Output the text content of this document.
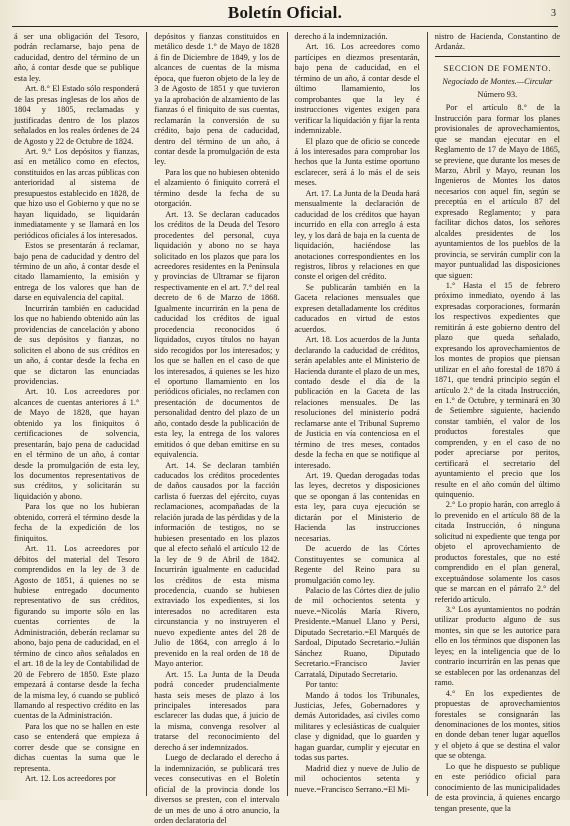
Boletín Oficial.	3

á ser una obligación del Tesoro, podrán reclamarse, bajo pena de caducidad, dentro del término de un año, á contar desde que se publique esta ley.

Art. 8.° El Estado sólo responderá de las presas inglesas de los años de 1804 y 1805, reclamadas y justificadas dentro de los plazos señalados en los reales órdenes de 24 de Agosto y 22 de Octubre de 1824.

Art. 9.° Los depósitos y fianzas, así en metálico como en efectos, constituidos en las arcas públicas con anterioridad al sistema de presupuestos establecido en 1828, de que hizo uso el Gobierno y que no se hayan liquidado, se liquidarán inmediatamente y se llamará en los periódicos oficiales á los interesados.

Estos se presentarán á reclamar, bajo pena de caducidad y dentro del término de un año, á contar desde el citado llamamiento, la emisión y entrega de los valores que han de darse en equivalencia del capital.

Incurrirán también en caducidad los que no habiendo obtenido aún las providencias de cancelación y abono de sus depósitos y fianzas, no soliciten el abono de sus créditos en un año, á contar desde la fecha en que se dictaron las enunciadas providencias.

Art. 10. Los acreedores por alcances de cuentas anteriores á 1.° de Mayo de 1828, que hayan obtenido ya los finiquitos ó certificaciones de solvencia, presentarán, bajo pena de caducidad en el término de un año, á contar desde la promulgación de esta ley, los documentos representativos de sus créditos, y solicitarán su liquidación y abono.

Para los que no los hubieran obtenido, correrá el término desde la fecha de la expedición de los finiquitos.

Art. 11. Los acreedores por débitos del material del Tesoro comprendidos en la ley de 3 de Agosto de 1851, á quienes no se hubiese entregado documento representativo de sus créditos, figurando su importe sólo en las cuentas corrientes de la Administración, deberán reclamar su abono, bajo pena de caducidad, en el término de cinco años señalados en el art. 18 de la ley de Contabilidad de 20 de Febrero de 1850. Este plazo empezará á contarse desde la fecha de la misma ley, ó cuando se publicó llamando al respectivo crédito en las cuentas de la Administración.

Para los que no se hallen en este caso se entenderá que empieza á correr desde que se consigne en dichas cuentas la suma que le representa.

Art. 12. Los acreedores por

depósitos y fianzas constituidos en metálico desde 1.° de Mayo de 1828 á fin de Diciembre de 1849, y los de alcances de cuentas de la misma época, que fueron objeto de la ley de 3 de Agosto de 1851 y que tuvieron ya la aprobación de alzamiento de las fianzas ó el finiquito de sus cuentas, reclamarán la conversión de su crédito, bajo pena de caducidad, dentro del término de un año, á contar desde la promulgación de esta ley.

Para los que no hubiesen obtenido el alzamiento ó finiquito correrá el término desde la fecha de su otorgación.

Art. 13. Se declaran caducados los créditos de la Deuda del Tesoro procedentes del personal, cuya liquidación y abono no se haya solicitado en los plazos que para los acreedores residentes en la Península y provincias de Ultramar se fijaron respectivamente en el art. 7.° del real decreto de 6 de Marzo de 1868. Igualmente incurrirán en la pena de caducidad los créditos de igual procedencia reconocidos ó liquidados, cuyos títulos no hayan sido recogidos por los interesados; y los que se hallen en el caso de que los interesados, á quienes se les hizo el oportuno llamamiento en los periódicos oficiales, no reclamen con presentación de documentos de personalidad dentro del plazo de un año, contado desde la publicación de esta ley, la entrega de los valores emitidos ó que deban emitirse en su equivalencia.

Art. 14. Se declaran también caducados los créditos procedentes de daños causados por la facción carlista ó fuerzas del ejército, cuyas reclamaciones, acompañadas de la relación jurada de las pérdidas y de la información de testigos, no se hubiesen presentado en los plazos que al efecto señaló el artículo 12 de la ley de 9 de Abril de 1842. Incurrirán igualmente en caducidad los créditos de esta misma procedencia, cuando se hubiesen extraviado los expedientes, si los interesados no acreditaren esta circunstancia y no instruyeren el nuevo expediente antes del 28 de Julio de 1864, con arreglo á lo prevenido en la real orden de 18 de Mayo anterior.

Art. 15. La Junta de la Deuda podrá conceder prudencialmente hasta seis meses de plazo á los principales interesados para esclarecer las dudas que, á juicio de la misma, convenga resolver al tratarse del reconocimiento del derecho á ser indemnizados.

Luego de declarado el derecho á la indemnización, se publicará tres veces consecutivas en el Boletín oficial de la provincia donde los diversos se presten, con el intervalo de un mes de uno á otro anuncio, la orden declaratoria del

derecho á la indemnización.

Art. 16. Los acreedores como partícipes en diezmos presentarán, bajo pena de caducidad, en el término de un año, á contar desde el último llamamiento, los comprobantes que la ley é instrucciones vigentes exigen para verificar la liquidación y fijar la renta indemnizable.

El plazo que de oficio se concede á los interesados para comprobar los hechos que la Junta estime oportuno esclarecer, será á lo más el de seis meses.

Art. 17. La Junta de la Deuda hará mensualmente la declaración de caducidad de los créditos que hayan incurrido en ella con arreglo á esta ley, y los dará de baja en la cuenta de liquidación, haciéndose las anotaciones correspondientes en los registros, libros y relaciones en que conste el origen del crédito.

Se publicarán también en la Gaceta relaciones mensuales que expresen detalladamente los créditos caducados en virtud de estos acuerdos.

Art. 18. Los acuerdos de la Junta declarando la caducidad de créditos, serán apelables ante el Ministerio de Hacienda durante el plazo de un mes, contado desde el día de la publicación en la Gaceta de las relaciones mensuales. De las resoluciones del ministerio podrá reclamarse ante el Tribunal Supremo de Justicia en vía contenciosa en el término de tres meses, contados desde la fecha en que se notifique al interesado.

Art. 19. Quedan derogadas todas las leyes, decretos y disposiciones que se opongan á las contenidas en esta ley, para cuya ejecución se dictarán por el Ministerio de Hacienda las instrucciones necesarias.

De acuerdo de las Córtes Constituyentes se comunica al Regente del Reino para su promulgación como ley.

Palacio de las Córtes diez de julio de mil ochocientos setenta y nueve.=Nicolás María Rivero, Presidente.=Manuel Llano y Persi, Diputado Secretario.=El Marqués de Sardoal, Diputado Secretario.=Julián Sánchez Ruano, Diputado Secretario.=Francisco Javier Carratalá, Diputado Secretario.

Por tanto:

Mando á todos los Tribunales, Justicias, Jefes, Gobernadores y demás Autoridades, así civiles como militares y eclesiásticas de cualquier clase y dignidad, que lo guarden y hagan guardar, cumplir y ejecutar en todas sus partes.

Madrid diez y nueve de Julio de mil ochocientos setenta y nueve.=Francisco Serrano.=El Mi-

nistro de Hacienda, Constantino de Ardanáz.

SECCION DE FOMENTO.
Negociado de Montes.—Circular
Número 93.

Por el artículo 8.° de la Instrucción para formar los planes provisionales de aprovechamientos, que se mandan ejecutar en el Reglamento de 17 de Mayo de 1865, se previene, que durante los meses de Marzo, Abril y Mayo, reunan los Ingenieros de Montes los datos necesarios con aquel fin, según se preceptúa en el artículo 87 del expresado Reglamento; y para facilitar dichos datos, los señores alcaldes presidentes de los ayuntamientos de los pueblos de la provincia, se servirán cumplir con la mayor puntualidad las disposiciones que siguen:

1.° Hasta el 15 de febrero próximo inmediato, oyendo á las expresadas corporaciones, formarán los respectivos expedientes que remitirán á este gobierno dentro del plazo que queda señalado, expresando los aprovechamientos de los montes de propios que piensan utilizar en el año forestal de 1870 á 1871, que tendrá principio según el artículo 2.° de la citada Instrucción, en 1.° de Octubre, y terminará en 30 de Setiembre siguiente, haciendo constar también, el valor de los productos forestales que comprenden, y en el caso de no poder apreciarse por peritos, certificará el secretario del ayuntamiento el precio que los resulte en el año común del último quinquenio.

2.° Lo propio harán, con arreglo á lo prevenido en el artículo 88 de la citada Instrucción, ó ninguna solicitud ni expediente que tenga por objeto el aprovechamiento de productos forestales, que no esté comprendido en el plan general, exceptuándose solamente los casos que se marcan en el párrafo 2.° del referido artículo.

3.° Los ayuntamientos no podrán utilizar producto alguno de sus montes, sin que se les autorice para ello en los términos que disponen las leyes; en la inteligencia que de lo contrario incurrirán en las penas que se establecen por las ordenanzas del ramo.

4.° En los expedientes de propuestas de aprovechamientos forestales se consignarán las denominaciones de los montes, sitios en donde deban tener lugar aquellos y el objeto á que se destina el valor que se obtenga.

Lo que he dispuesto se publique en este periódico oficial para conocimiento de las municipalidades de esta provincia, á quienes encargo tengan presente, que la
